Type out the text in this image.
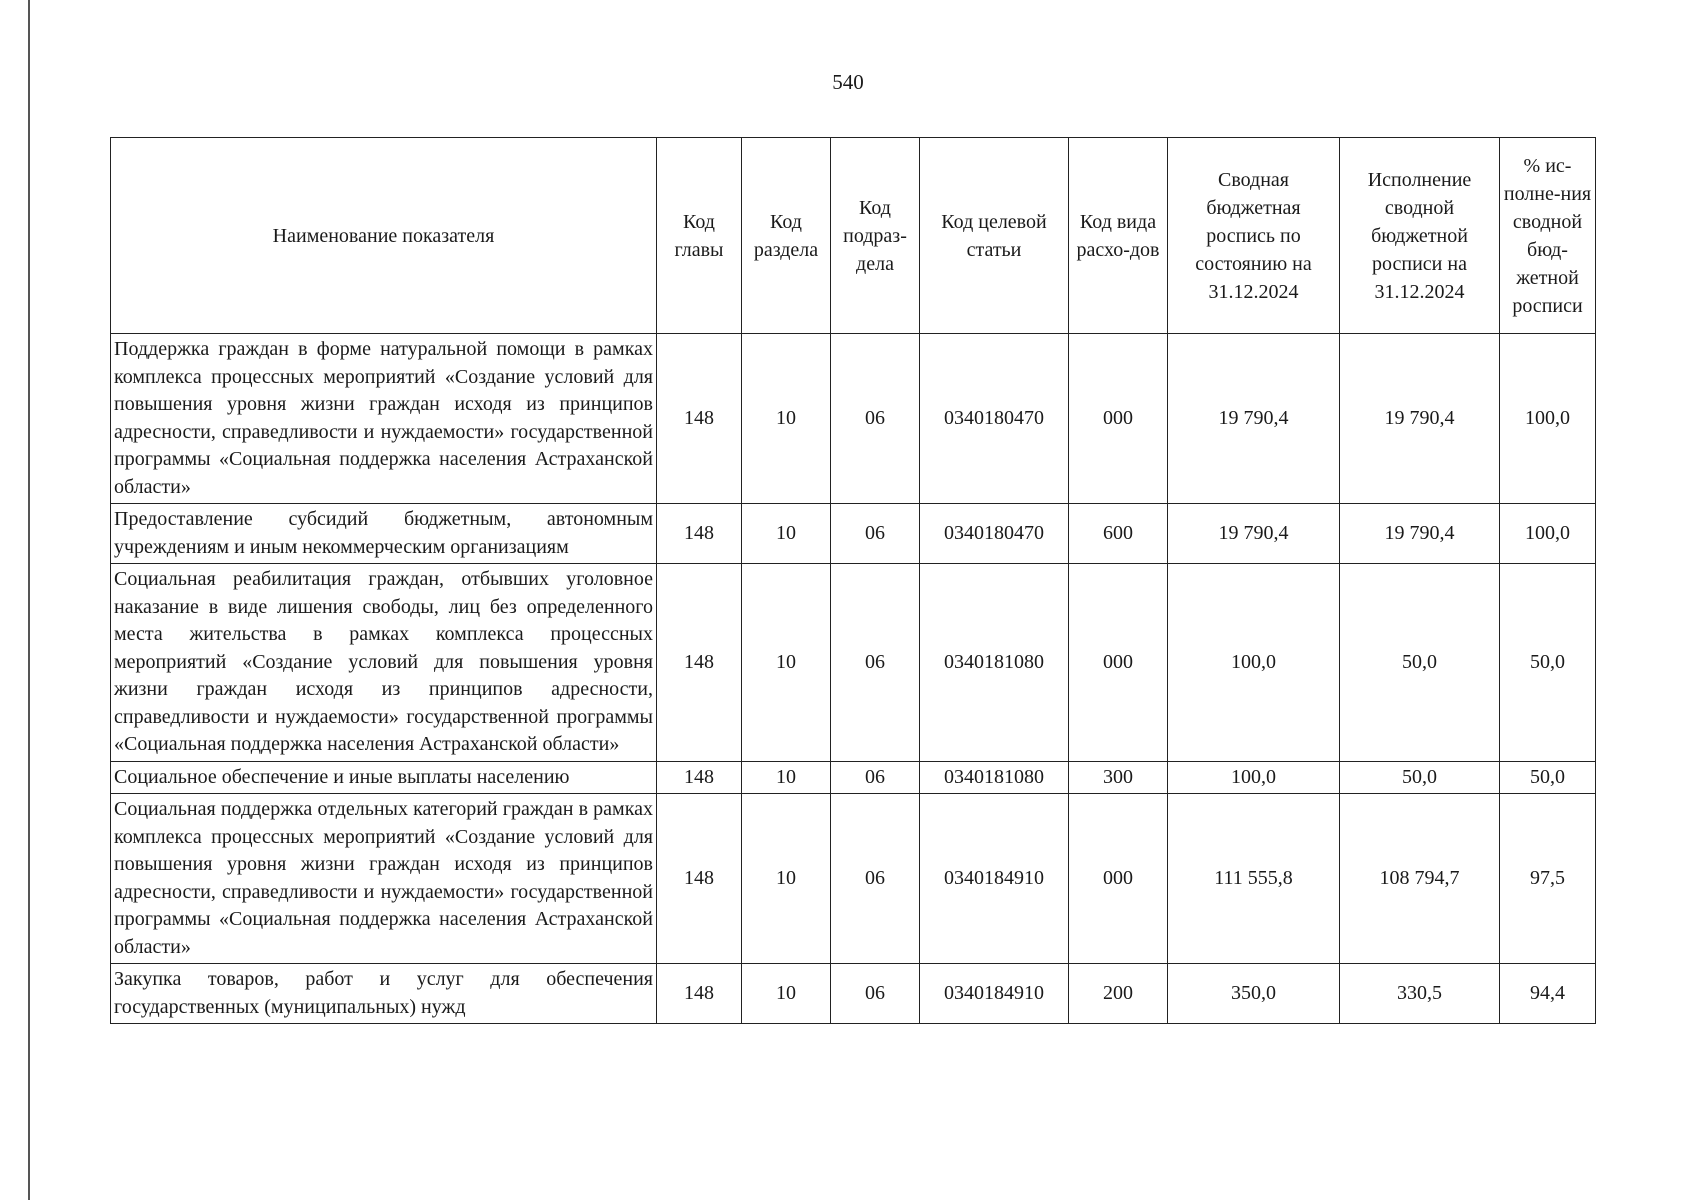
540
Наименование показателя	Код главы	Код раздела	Код подраз-дела	Код целевой статьи	Код вида расхо-дов	Сводная бюджетная роспись по состоянию на 31.12.2024	Исполнение сводной бюджетной росписи на 31.12.2024	% ис-полне-ния сводной бюд-жетной росписи
Поддержка граждан в форме натуральной помощи в рамках комплекса процессных мероприятий «Создание условий для повышения уровня жизни граждан исходя из принципов адресности, справедливости и нуждаемости» государственной программы «Социальная поддержка населения Астраханской области»	148	10	06	0340180470	000	19 790,4	19 790,4	100,0
Предоставление субсидий бюджетным, автономным учреждениям и иным некоммерческим организациям	148	10	06	0340180470	600	19 790,4	19 790,4	100,0
Социальная реабилитация граждан, отбывших уголовное наказание в виде лишения свободы, лиц без определенного места жительства в рамках комплекса процессных мероприятий «Создание условий для повышения уровня жизни граждан исходя из принципов адресности, справедливости и нуждаемости» государственной программы «Социальная поддержка населения Астраханской области»	148	10	06	0340181080	000	100,0	50,0	50,0
Социальное обеспечение и иные выплаты населению	148	10	06	0340181080	300	100,0	50,0	50,0
Социальная поддержка отдельных категорий граждан в рамках комплекса процессных мероприятий «Создание условий для повышения уровня жизни граждан исходя из принципов адресности, справедливости и нуждаемости» государственной программы «Социальная поддержка населения Астраханской области»	148	10	06	0340184910	000	111 555,8	108 794,7	97,5
Закупка товаров, работ и услуг для обеспечения государственных (муниципальных) нужд	148	10	06	0340184910	200	350,0	330,5	94,4
